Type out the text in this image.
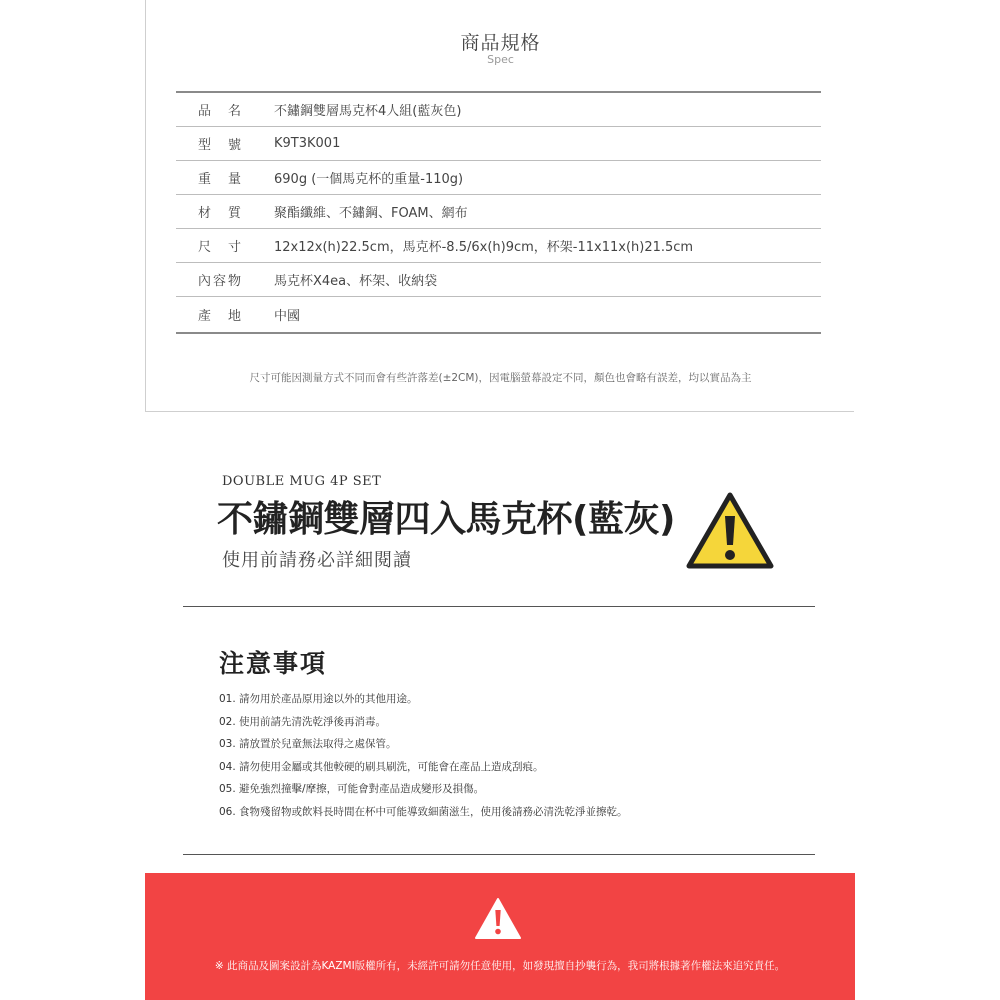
商品規格
Spec
品　名	不鏽鋼雙層馬克杯4人組(藍灰色)
型　號	K9T3K001
重　量	690g (一個馬克杯的重量-110g)
材　質	聚酯纖維、不鏽鋼、FOAM、網布
尺　寸	12x12x(h)22.5cm，馬克杯-8.5/6x(h)9cm，杯架-11x11x(h)21.5cm
內容物	馬克杯X4ea、杯架、收納袋
產　地	中國
尺寸可能因測量方式不同而會有些許落差(±2CM)，因電腦螢幕設定不同，顏色也會略有誤差，均以實品為主
DOUBLE MUG 4P SET
不鏽鋼雙層四入馬克杯(藍灰)
使用前請務必詳細閱讀
注意事項
01. 請勿用於產品原用途以外的其他用途。
02. 使用前請先清洗乾淨後再消毒。
03. 請放置於兒童無法取得之處保管。
04. 請勿使用金屬或其他較硬的刷具刷洗，可能會在產品上造成刮痕。
05. 避免強烈撞擊/摩擦，可能會對產品造成變形及損傷。
06. 食物殘留物或飲料長時間在杯中可能導致細菌滋生，使用後請務必清洗乾淨並擦乾。
※ 此商品及圖案設計為KAZMI版權所有，未經許可請勿任意使用，如發現擅自抄襲行為，我司將根據著作權法來追究責任。
